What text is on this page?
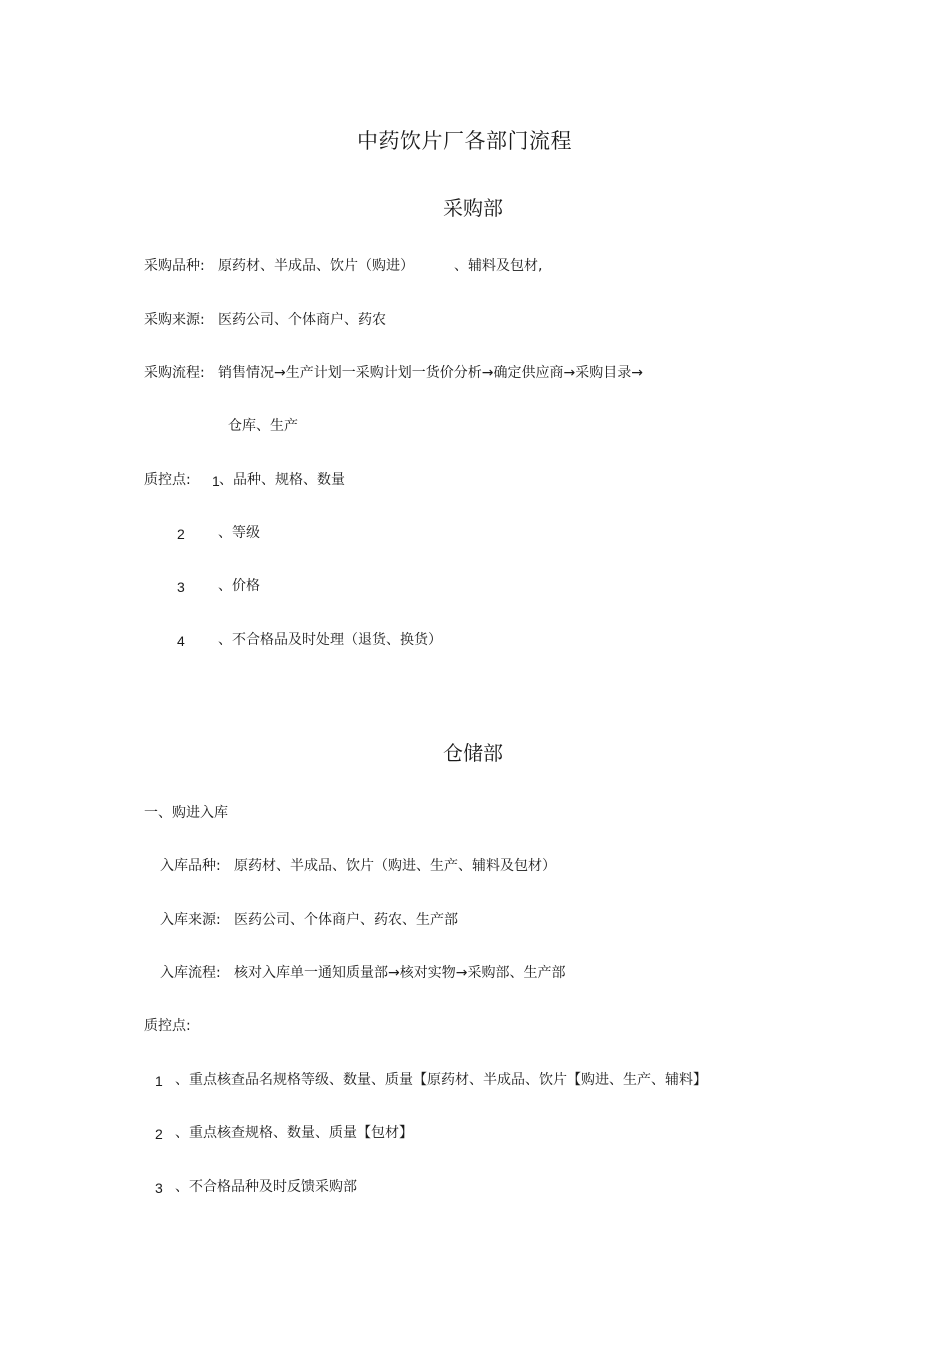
中药饮片厂各部门流程
采购部
采购品种: 原药材、半成品、饮片（购进）	、辅料及包材,
采购来源: 医药公司、个体商户、药农
采购流程: 销售情况→生产计划一采购计划一货价分析→确定供应商→采购目录→
仓库、生产
质控点: 1 、品种、规格、数量
2 、等级
3 、价格
4 、不合格品及时处理（退货、换货）
仓储部
一、购进入库
入库品种: 原药材、半成品、饮片（购进、生产、辅料及包材）
入库来源: 医药公司、个体商户、药农、生产部
入库流程: 核对入库单一通知质量部→核对实物→采购部、生产部
质控点:
1 、重点核查品名规格等级、数量、质量【原药材、半成品、饮片【购进、生产、辅料】
2 、重点核查规格、数量、质量【包材】
3 、不合格品种及时反馈采购部
